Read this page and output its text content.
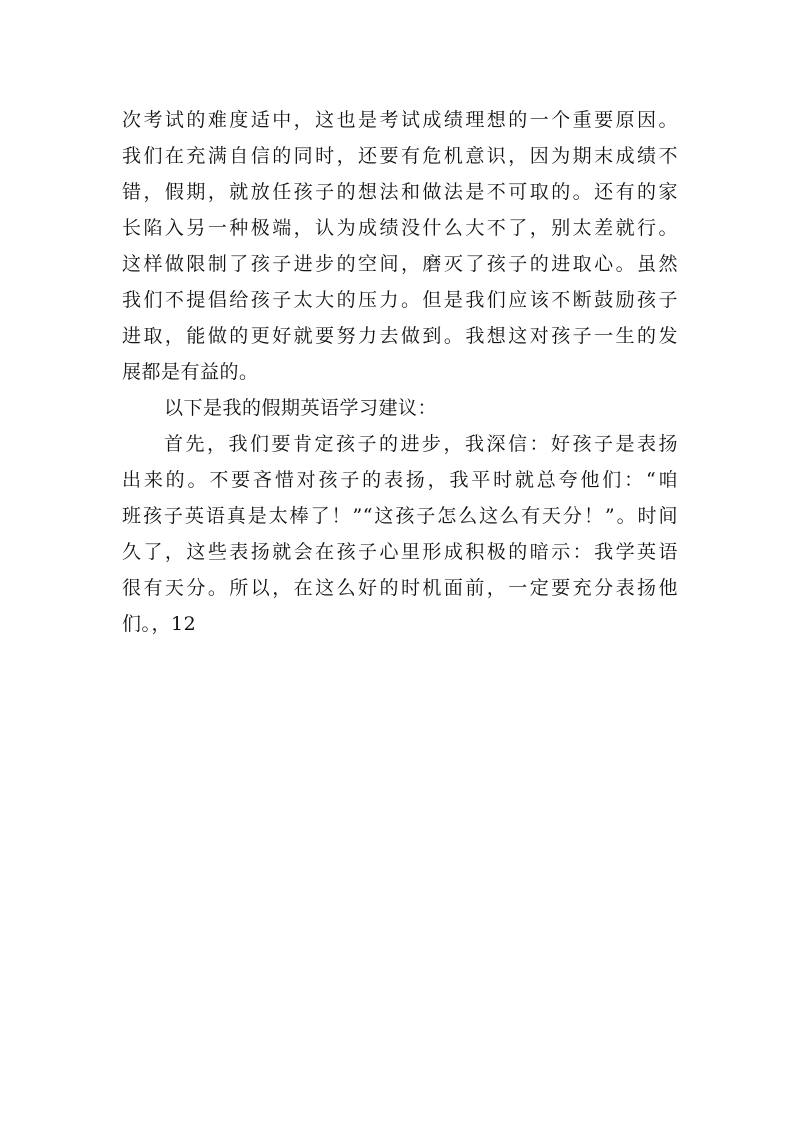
次考试的难度适中，这也是考试成绩理想的一个重要原因。
我们在充满自信的同时，还要有危机意识，因为期末成绩不
错，假期，就放任孩子的想法和做法是不可取的。还有的家
长陷入另一种极端，认为成绩没什么大不了，别太差就行。
这样做限制了孩子进步的空间，磨灭了孩子的进取心。虽然
我们不提倡给孩子太大的压力。但是我们应该不断鼓励孩子
进取，能做的更好就要努力去做到。我想这对孩子一生的发
展都是有益的。
以下是我的假期英语学习建议：
首先，我们要肯定孩子的进步，我深信：好孩子是表扬
出来的。不要吝惜对孩子的表扬，我平时就总夸他们：“咱
班孩子英语真是太棒了！”“这孩子怎么这么有天分！”。时间
久了，这些表扬就会在孩子心里形成积极的暗示：我学英语
很有天分。所以，在这么好的时机面前，一定要充分表扬他
们。，12
